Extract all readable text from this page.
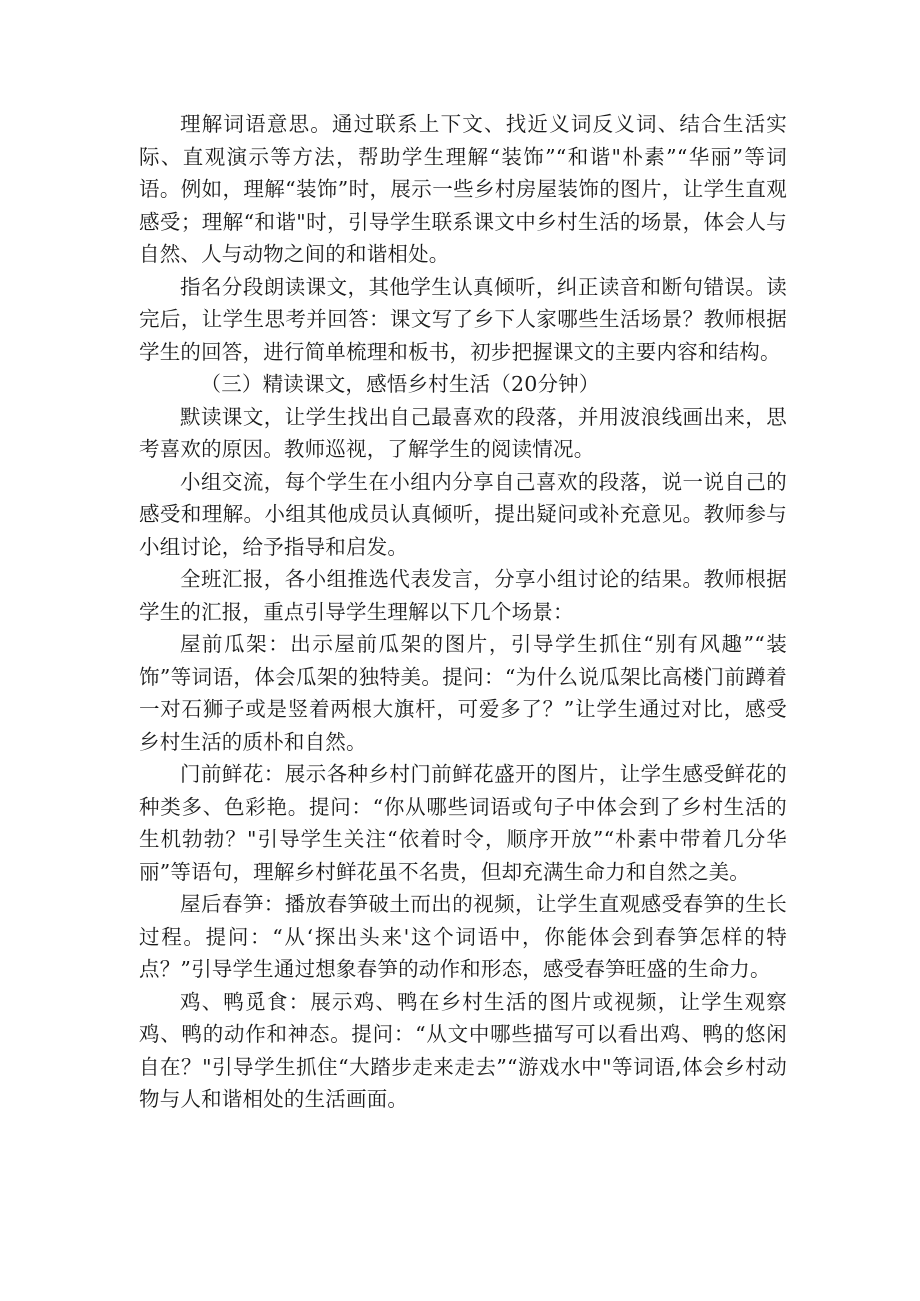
理解词语意思。通过联系上下文、找近义词反义词、结合生活实际、直观演示等方法，帮助学生理解“装饰”“和谐"朴素”“华丽”等词语。例如，理解“装饰”时，展示一些乡村房屋装饰的图片，让学生直观感受；理解“和谐"时，引导学生联系课文中乡村生活的场景，体会人与自然、人与动物之间的和谐相处。

指名分段朗读课文，其他学生认真倾听，纠正读音和断句错误。读完后，让学生思考并回答：课文写了乡下人家哪些生活场景？教师根据学生的回答，进行简单梳理和板书，初步把握课文的主要内容和结构。

（三）精读课文，感悟乡村生活（20分钟）

默读课文，让学生找出自己最喜欢的段落，并用波浪线画出来，思考喜欢的原因。教师巡视，了解学生的阅读情况。

小组交流，每个学生在小组内分享自己喜欢的段落，说一说自己的感受和理解。小组其他成员认真倾听，提出疑问或补充意见。教师参与小组讨论，给予指导和启发。

全班汇报，各小组推选代表发言，分享小组讨论的结果。教师根据学生的汇报，重点引导学生理解以下几个场景：

屋前瓜架：出示屋前瓜架的图片，引导学生抓住“别有风趣”“装饰”等词语，体会瓜架的独特美。提问：“为什么说瓜架比高楼门前蹲着一对石狮子或是竖着两根大旗杆，可爱多了？”让学生通过对比，感受乡村生活的质朴和自然。

门前鲜花：展示各种乡村门前鲜花盛开的图片，让学生感受鲜花的种类多、色彩艳。提问：“你从哪些词语或句子中体会到了乡村生活的生机勃勃？"引导学生关注“依着时令，顺序开放”“朴素中带着几分华丽”等语句，理解乡村鲜花虽不名贵，但却充满生命力和自然之美。

屋后春笋：播放春笋破土而出的视频，让学生直观感受春笋的生长过程。提问：“从‘探出头来'这个词语中，你能体会到春笋怎样的特点？”引导学生通过想象春笋的动作和形态，感受春笋旺盛的生命力。

鸡、鸭觅食：展示鸡、鸭在乡村生活的图片或视频，让学生观察鸡、鸭的动作和神态。提问：“从文中哪些描写可以看出鸡、鸭的悠闲自在？"引导学生抓住“大踏步走来走去”“游戏水中"等词语,体会乡村动物与人和谐相处的生活画面。
